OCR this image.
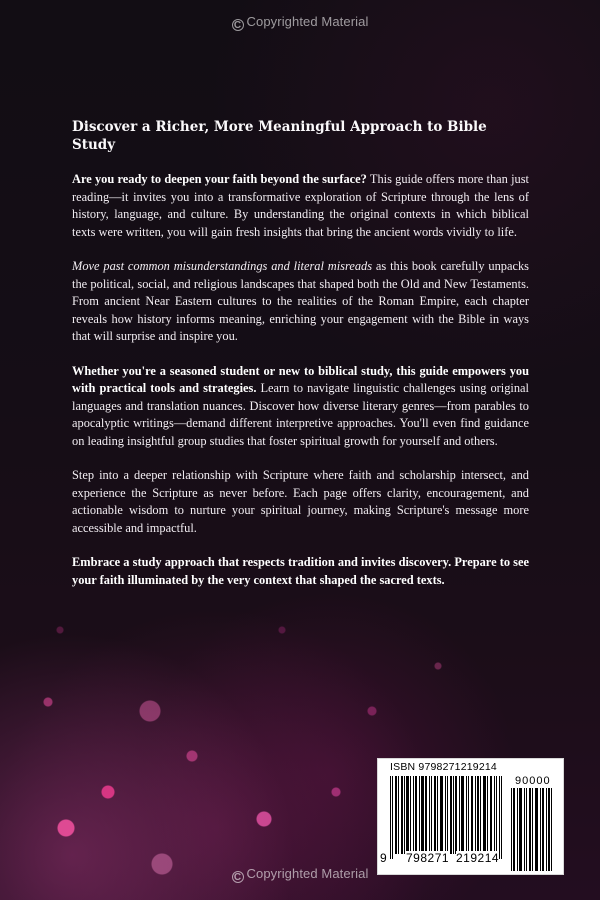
C Copyrighted Material

Discover a Richer, More Meaningful Approach to Bible Study

Are you ready to deepen your faith beyond the surface? This guide offers more than just reading—it invites you into a transformative exploration of Scripture through the lens of history, language, and culture. By understanding the original contexts in which biblical texts were written, you will gain fresh insights that bring the ancient words vividly to life.

Move past common misunderstandings and literal misreads as this book carefully unpacks the political, social, and religious landscapes that shaped both the Old and New Testaments. From ancient Near Eastern cultures to the realities of the Roman Empire, each chapter reveals how history informs meaning, enriching your engagement with the Bible in ways that will surprise and inspire you.

Whether you're a seasoned student or new to biblical study, this guide empowers you with practical tools and strategies. Learn to navigate linguistic challenges using original languages and translation nuances. Discover how diverse literary genres—from parables to apocalyptic writings—demand different interpretive approaches. You'll even find guidance on leading insightful group studies that foster spiritual growth for yourself and others.

Step into a deeper relationship with Scripture where faith and scholarship intersect, and experience the Scripture as never before. Each page offers clarity, encouragement, and actionable wisdom to nurture your spiritual journey, making Scripture's message more accessible and impactful.

Embrace a study approach that respects tradition and invites discovery. Prepare to see your faith illuminated by the very context that shaped the sacred texts.

ISBN 9798271219214
90000
9 798271 219214
C Copyrighted Material
